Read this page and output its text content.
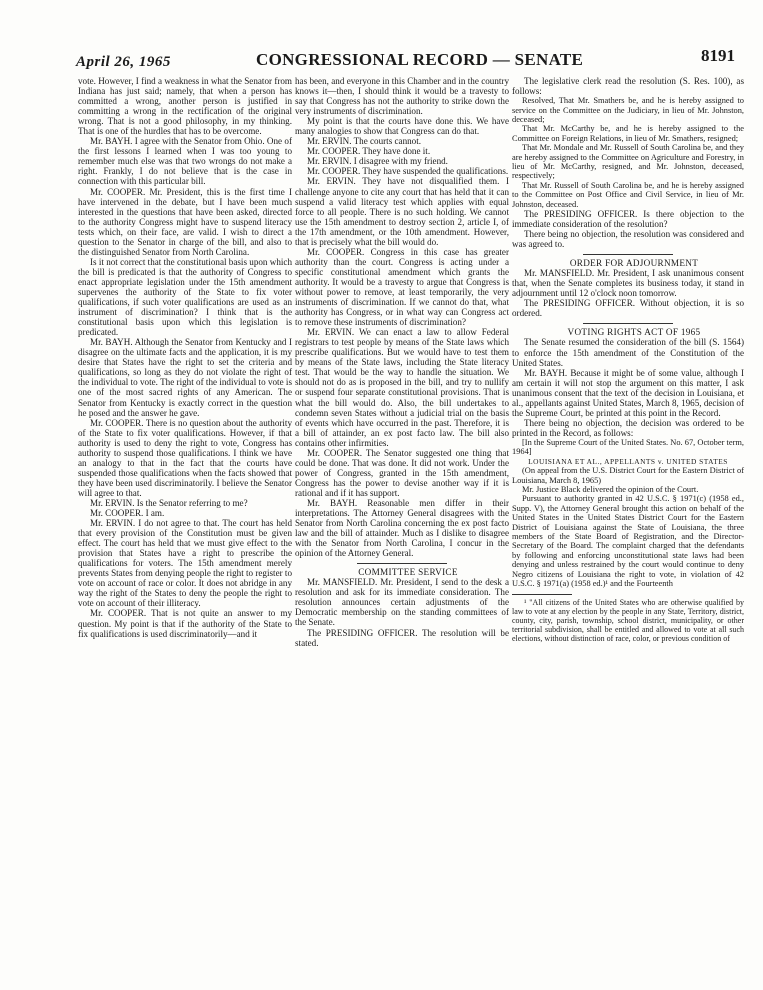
April 26, 1965	CONGRESSIONAL RECORD — SENATE	8191

vote. However, I find a weakness in what the Senator from Indiana has just said; namely, that when a person has committed a wrong, another person is justified in committing a wrong in the rectification of the original wrong. That is not a good philosophy, in my thinking. That is one of the hurdles that has to be overcome.

Mr. BAYH. I agree with the Senator from Ohio. One of the first lessons I learned when I was too young to remember much else was that two wrongs do not make a right. Frankly, I do not believe that is the case in connection with this particular bill.

Mr. COOPER. Mr. President, this is the first time I have intervened in the debate, but I have been much interested in the questions that have been asked, directed to the authority Congress might have to suspend literacy tests which, on their face, are valid. I wish to direct a question to the Senator in charge of the bill, and also to the distinguished Senator from North Carolina.

Is it not correct that the constitutional basis upon which the bill is predicated is that the authority of Congress to enact appropriate legislation under the 15th amendment supervenes the authority of the State to fix voter qualifications, if such voter qualifications are used as an instrument of discrimination? I think that is the constitutional basis upon which this legislation is predicated.

Mr. BAYH. Although the Senator from Kentucky and I disagree on the ultimate facts and the application, it is my desire that States have the right to set the criteria and qualifications, so long as they do not violate the right of the individual to vote. The right of the individual to vote is one of the most sacred rights of any American. The Senator from Kentucky is exactly correct in the question he posed and the answer he gave.

Mr. COOPER. There is no question about the authority of the State to fix voter qualifications. However, if that authority is used to deny the right to vote, Congress has authority to suspend those qualifications. I think we have an analogy to that in the fact that the courts have suspended those qualifications when the facts showed that they have been used discriminatorily. I believe the Senator will agree to that.

Mr. ERVIN. Is the Senator referring to me?

Mr. COOPER. I am.

Mr. ERVIN. I do not agree to that. The court has held that every provision of the Constitution must be given effect. The court has held that we must give effect to the provision that States have a right to prescribe the qualifications for voters. The 15th amendment merely prevents States from denying people the right to register to vote on account of race or color. It does not abridge in any way the right of the States to deny the people the right to vote on account of their illiteracy.

Mr. COOPER. That is not quite an answer to my question. My point is that if the authority of the State to fix qualifications is used discriminatorily—and it

has been, and everyone in this Chamber and in the country knows it—then, I should think it would be a travesty to say that Congress has not the authority to strike down the very instruments of discrimination.

My point is that the courts have done this. We have many analogies to show that Congress can do that.

Mr. ERVIN. The courts cannot.

Mr. COOPER. They have done it.

Mr. ERVIN. I disagree with my friend.

Mr. COOPER. They have suspended the qualifications.

Mr. ERVIN. They have not disqualified them. I challenge anyone to cite any court that has held that it can suspend a valid literacy test which applies with equal force to all people. There is no such holding. We cannot use the 15th amendment to destroy section 2, article I, of the 17th amendment, or the 10th amendment. However, that is precisely what the bill would do.

Mr. COOPER. Congress in this case has greater authority than the court. Congress is acting under a specific constitutional amendment which grants the authority. It would be a travesty to argue that Congress is without power to remove, at least temporarily, the very instruments of discrimination. If we cannot do that, what authority has Congress, or in what way can Congress act to remove these instruments of discrimination?

Mr. ERVIN. We can enact a law to allow Federal registrars to test people by means of the State laws which prescribe qualifications. But we would have to test them by means of the State laws, including the State literacy test. That would be the way to handle the situation. We should not do as is proposed in the bill, and try to nullify or suspend four separate constitutional provisions. That is what the bill would do. Also, the bill undertakes to condemn seven States without a judicial trial on the basis of events which have occurred in the past. Therefore, it is a bill of attainder, an ex post facto law. The bill also contains other infirmities.

Mr. COOPER. The Senator suggested one thing that could be done. That was done. It did not work. Under the power of Congress, granted in the 15th amendment, Congress has the power to devise another way if it is rational and if it has support.

Mr. BAYH. Reasonable men differ in their interpretations. The Attorney General disagrees with the Senator from North Carolina concerning the ex post facto law and the bill of attainder. Much as I dislike to disagree with the Senator from North Carolina, I concur in the opinion of the Attorney General.

COMMITTEE SERVICE

Mr. MANSFIELD. Mr. President, I send to the desk a resolution and ask for its immediate consideration. The resolution announces certain adjustments of the Democratic membership on the standing committees of the Senate.

The PRESIDING OFFICER. The resolution will be stated.

The legislative clerk read the resolution (S. Res. 100), as follows:

Resolved, That Mr. Smathers be, and he is hereby assigned to service on the Committee on the Judiciary, in lieu of Mr. Johnston, deceased;

That Mr. McCarthy be, and he is hereby assigned to the Committee on Foreign Relations, in lieu of Mr. Smathers, resigned;

That Mr. Mondale and Mr. Russell of South Carolina be, and they are hereby assigned to the Committee on Agriculture and Forestry, in lieu of Mr. McCarthy, resigned, and Mr. Johnston, deceased, respectively;

That Mr. Russell of South Carolina be, and he is hereby assigned to the Committee on Post Office and Civil Service, in lieu of Mr. Johnston, deceased.

The PRESIDING OFFICER. Is there objection to the immediate consideration of the resolution?

There being no objection, the resolution was considered and was agreed to.

ORDER FOR ADJOURNMENT

Mr. MANSFIELD. Mr. President, I ask unanimous consent that, when the Senate completes its business today, it stand in adjournment until 12 o'clock noon tomorrow.

The PRESIDING OFFICER. Without objection, it is so ordered.

VOTING RIGHTS ACT OF 1965

The Senate resumed the consideration of the bill (S. 1564) to enforce the 15th amendment of the Constitution of the United States.

Mr. BAYH. Because it might be of some value, although I am certain it will not stop the argument on this matter, I ask unanimous consent that the text of the decision in Louisiana, et al., appellants against United States, March 8, 1965, decision of the Supreme Court, be printed at this point in the Record.

There being no objection, the decision was ordered to be printed in the Record, as follows:

[In the Supreme Court of the United States. No. 67, October term, 1964]

LOUISIANA ET AL., APPELLANTS v. UNITED STATES

(On appeal from the U.S. District Court for the Eastern District of Louisiana, March 8, 1965)

Mr. Justice Black delivered the opinion of the Court.

Pursuant to authority granted in 42 U.S.C. § 1971(c) (1958 ed., Supp. V), the Attorney General brought this action on behalf of the United States in the United States District Court for the Eastern District of Louisiana against the State of Louisiana, the three members of the State Board of Registration, and the Director-Secretary of the Board. The complaint charged that the defendants by following and enforcing unconstitutional state laws had been denying and unless restrained by the court would continue to deny Negro citizens of Louisiana the right to vote, in violation of 42 U.S.C. § 1971(a) (1958 ed.)¹ and the Fourteenth

¹ "All citizens of the United States who are otherwise qualified by law to vote at any election by the people in any State, Territory, district, county, city, parish, township, school district, municipality, or other territorial subdivision, shall be entitled and allowed to vote at all such elections, without distinction of race, color, or previous condition of
